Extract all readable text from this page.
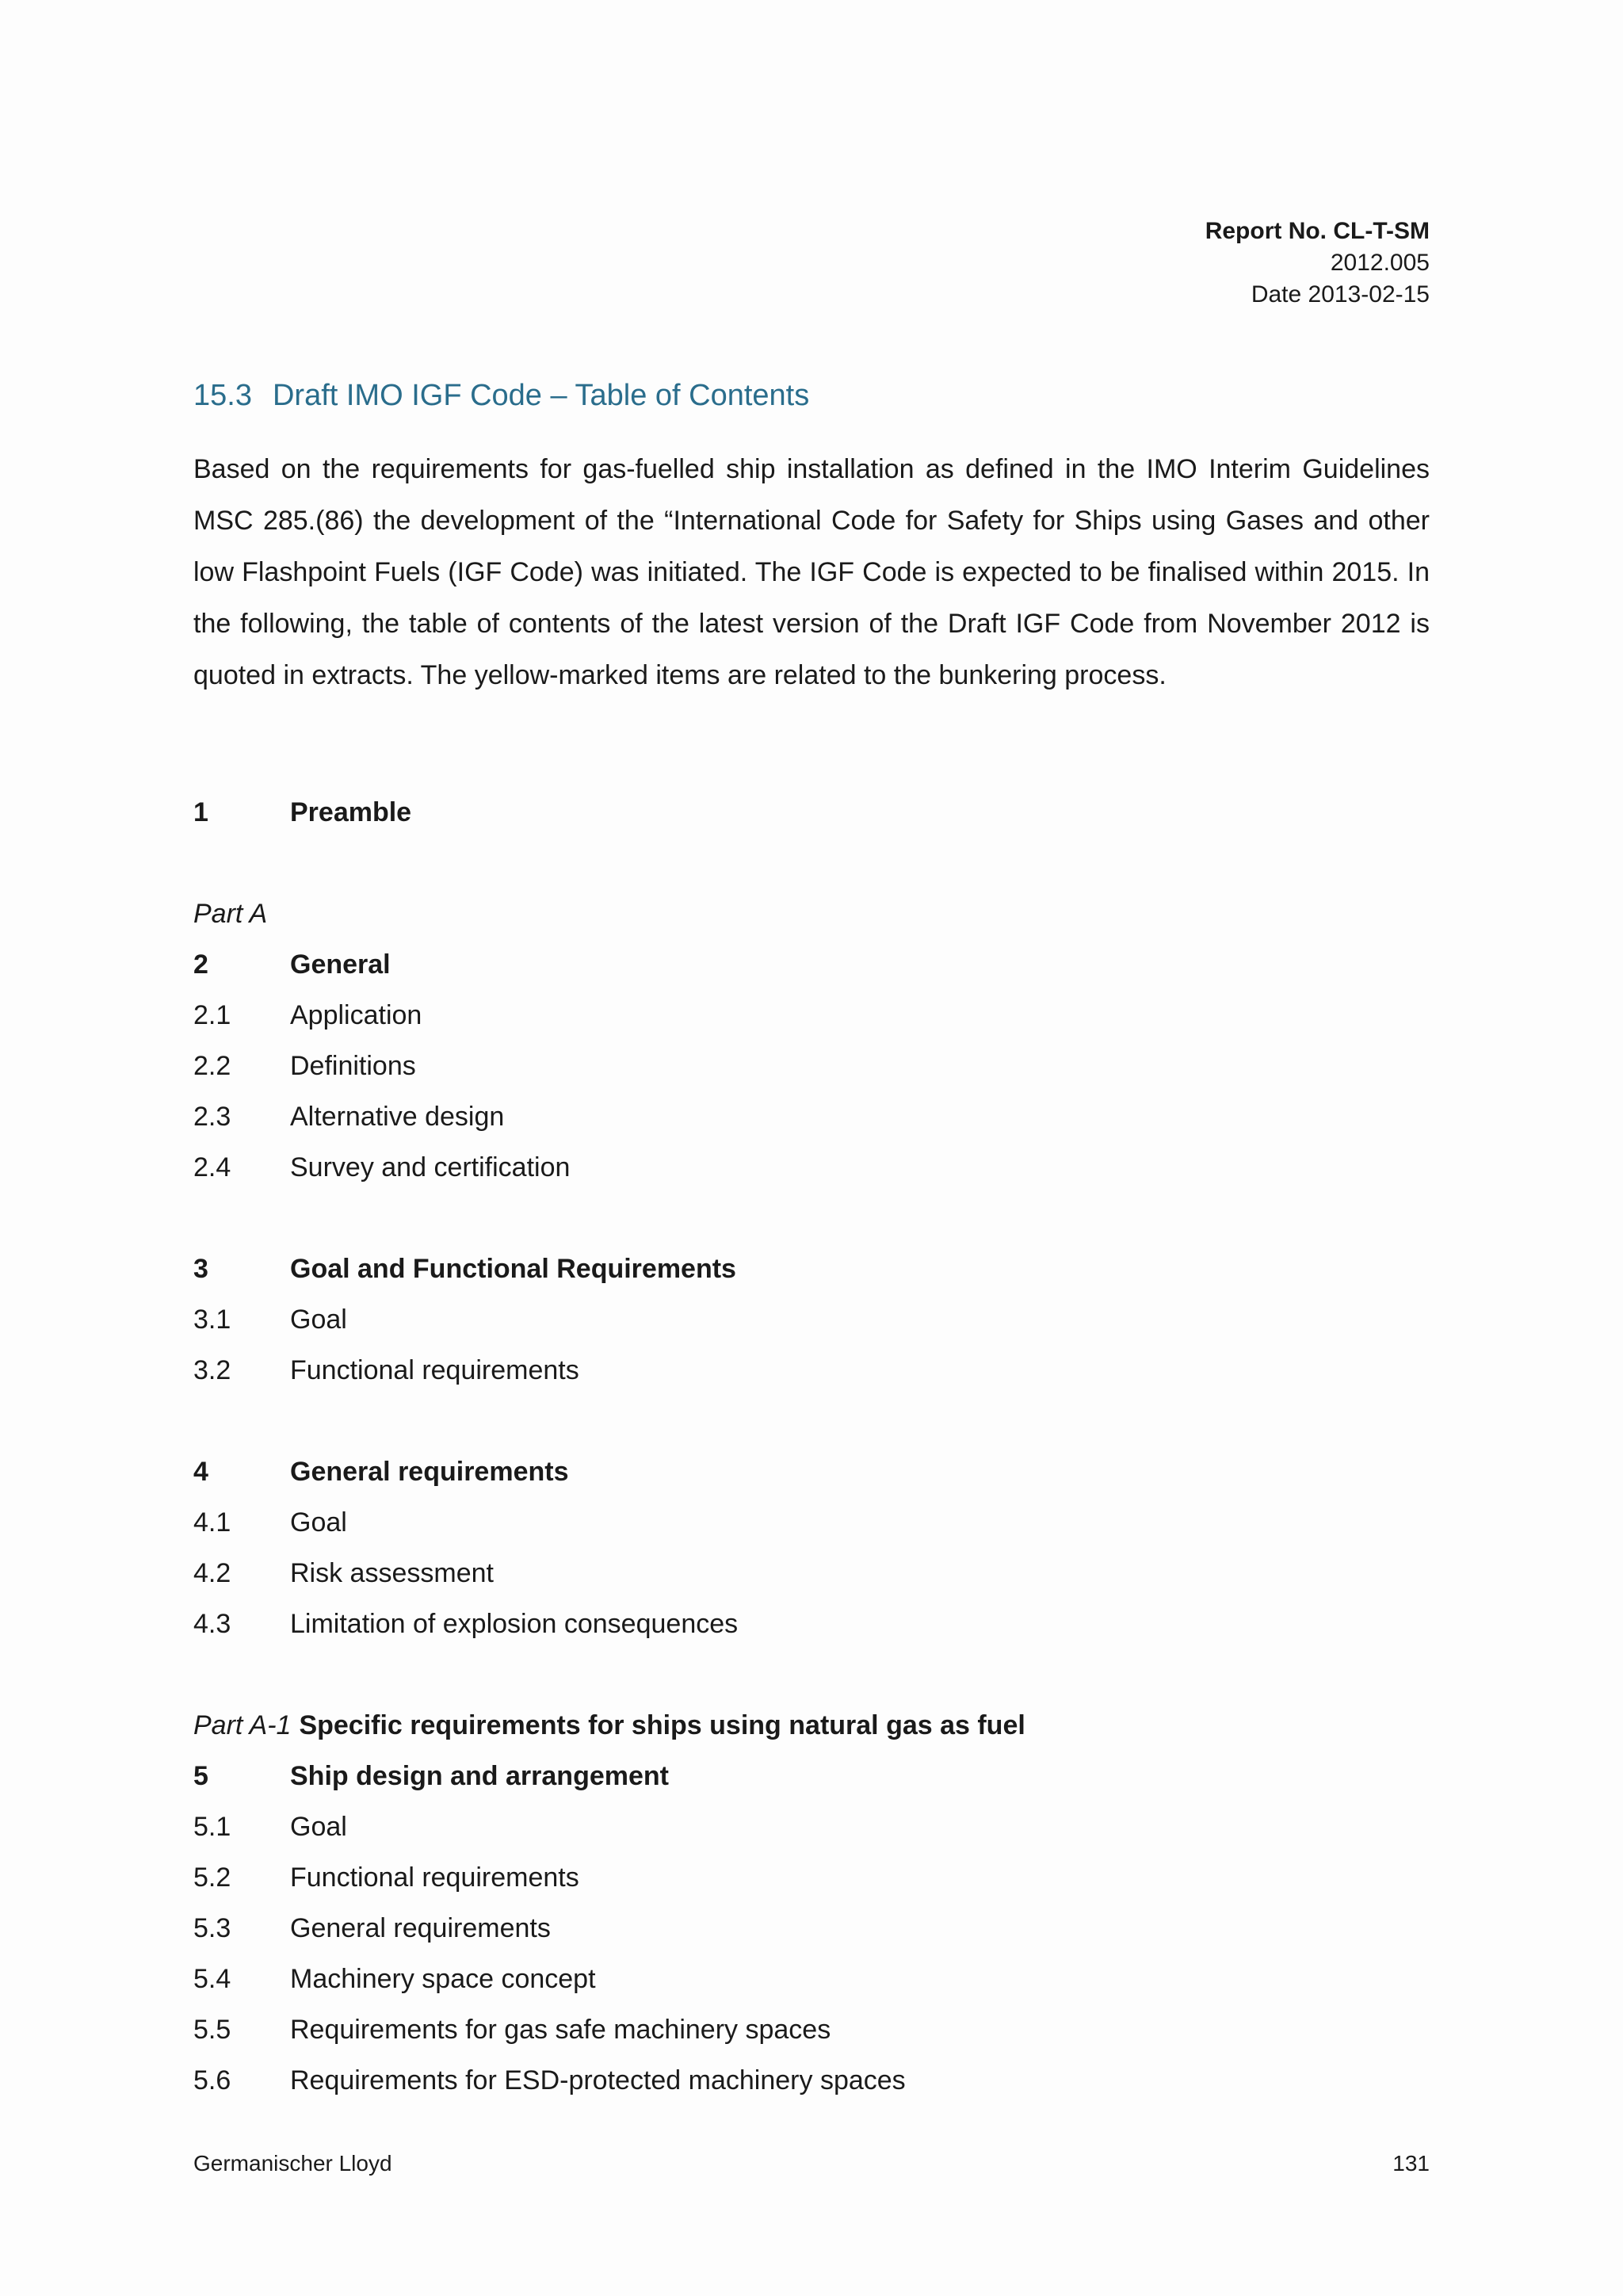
Report No. CL-T-SM
2012.005
Date 2013-02-15
15.3 Draft IMO IGF Code – Table of Contents
Based on the requirements for gas-fuelled ship installation as defined in the IMO Interim Guidelines MSC 285.(86) the development of the “International Code for Safety for Ships using Gases and other low Flashpoint Fuels (IGF Code) was initiated. The IGF Code is expected to be finalised within 2015. In the following, the table of contents of the latest version of the Draft IGF Code from November 2012 is quoted in extracts. The yellow-marked items are related to the bunkering process.
1	Preamble
Part A
2	General
2.1	Application
2.2	Definitions
2.3	Alternative design
2.4	Survey and certification
3	Goal and Functional Requirements
3.1	Goal
3.2	Functional requirements
4	General requirements
4.1	Goal
4.2	Risk assessment
4.3	Limitation of explosion consequences
Part A-1 Specific requirements for ships using natural gas as fuel
5	Ship design and arrangement
5.1	Goal
5.2	Functional requirements
5.3	General requirements
5.4	Machinery space concept
5.5	Requirements for gas safe machinery spaces
5.6	Requirements for ESD-protected machinery spaces
Germanischer Lloyd	131
